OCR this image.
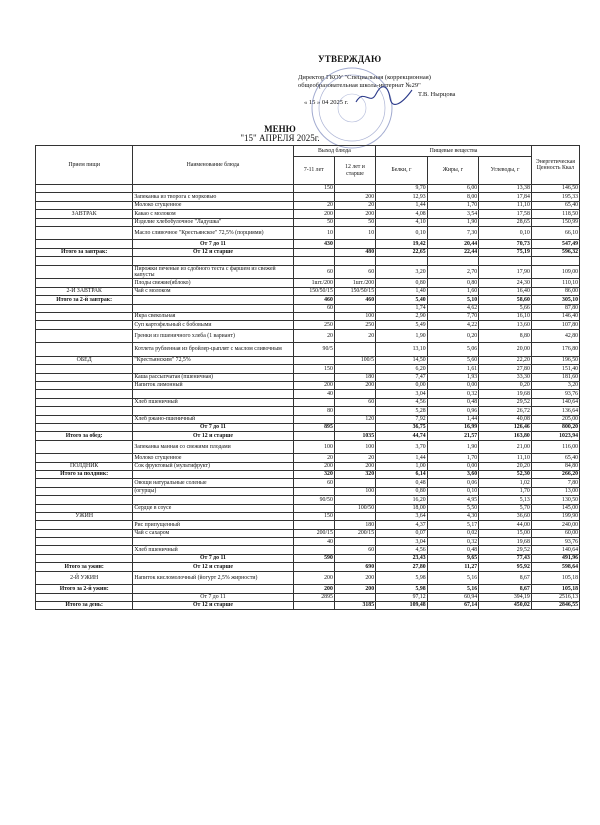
УТВЕРЖДАЮ
Директор ГКОУ "Специальная (коррекционная)
общеобразовательная школа-интернат №29"
Т.В. Нырцова
« 15 » 04 2025 г.
МЕНЮ
"15" АПРЕЛЯ 2025г.
Прием пищи	Наименование блюда	Выход блюда		Пищевые вещества			Энергетическая Ценность Ккал
		7-11 лет	12 лет и старше	Белки, г	Жиры, г	Углеводы, г	
		150		9,70	6,00	13,38	146,50
	Запеканка из творога с морковью		200	12,93	8,00	17,84	195,33
	Молоко сгущенное	20	20	1,44	1,70	11,10	65,40
ЗАВТРАК	Какао с молоком	200	200	4,08	3,54	17,58	118,50
	Изделие хлебобулочное "Ладушка"	50	50	4,10	1,90	28,65	150,99
	Масло сливочное "Крестьянское" 72,5% (порциями)	10	10	0,10	7,30	0,10	66,10
	От 7 до 11	430		19,42	20,44	70,73	547,49
Итого за завтрак:	От 12 и старше		480	22,65	22,44	75,19	596,32

	Пирожки печеные из сдобного теста с фаршем из свежей капусты	60	60	3,20	2,70	17,90	109,00
	Плоды свежие(яблоко)	1шт./200	1шт./200	0,80	0,80	24,30	110,10
2-Й ЗАВТРАК	Чай с молоком	150/50/15	150/50/15	1,40	1,60	16,40	86,00
Итого за 2-й завтрак:		460	460	5,40	5,10	58,60	305,10
		60		1,74	4,62	5,66	87,80
	Икра свекольная		100	2,90	7,70	16,10	146,40
	Суп картофельный с бобовыми	250	250	5,49	4,22	13,60	107,80
	Гренки из пшеничного хлеба (1 вариант)	20	20	1,90	0,20	8,80	42,80
	Котлета рубленная из бройлер-цыплят с маслом сливочным	90/5		13,10	5,06	20,00	176,80
ОБЕД	"Крестьянским" 72,5%		100/5	14,50	5,60	22,20	196,50
		150		6,20	1,61	27,80	151,40
	Каша рассыпчатая (пшеничная)		180	7,47	1,93	33,30	181,60
	Напиток лимонный	200	200	0,00	0,00	0,20	3,20
		40		3,04	0,32	19,68	93,76
	Хлеб пшеничный		60	4,56	0,48	29,52	140,64
		80		5,28	0,96	26,72	136,64
	Хлеб ржано-пшеничный		120	7,92	1,44	40,08	205,00
	От 7 до 11	895		36,75	16,99	126,46	800,20
Итого за обед:	От 12 и старше		1035	44,74	21,57	163,80	1023,94
	Запеканка манная со свежими плодами	100	100	3,70	1,90	21,00	116,00
	Молоко сгущенное	20	20	1,44	1,70	11,10	65,40
ПОЛДНИК	Сок фруктовый (мультифрукт)	200	200	1,00	0,00	20,20	84,80
Итого за полдник:		320	320	6,14	3,60	52,30	266,20
	Овощи натуральные соленые	60		0,48	0,06	1,02	7,80
	(огурцы)		100	0,80	0,10	1,70	13,00
		90/50		16,20	4,95	5,13	130,50
	Сердце в соусе		100/50	18,00	5,50	5,70	145,00
УЖИН		150		3,64	4,30	36,60	199,90
	Рис припущенный		180	4,37	5,17	44,00	240,00
	Чай с сахаром	200/15	200/15	0,07	0,02	15,00	60,00
		40		3,04	0,32	19,68	93,76
	Хлеб пшеничный		60	4,56	0,48	29,52	140,64
	От 7 до 11	590		23,43	9,65	77,43	491,96
Итого за ужин:	От 12 и старше		690	27,80	11,27	95,92	598,64
2-Й УЖИН	Напиток кисломолочный (йогурт 2,5% жирности)	200	200	5,98	5,16	8,67	105,18
Итого за 2-й ужин:		200	200	5,98	5,16	8,67	105,18
	От 7 до 11	2895		97,12	60,94	394,19	2516,13
Итого за день:	От 12 и старше		3185	109,48	67,14	450,02	2846,55
